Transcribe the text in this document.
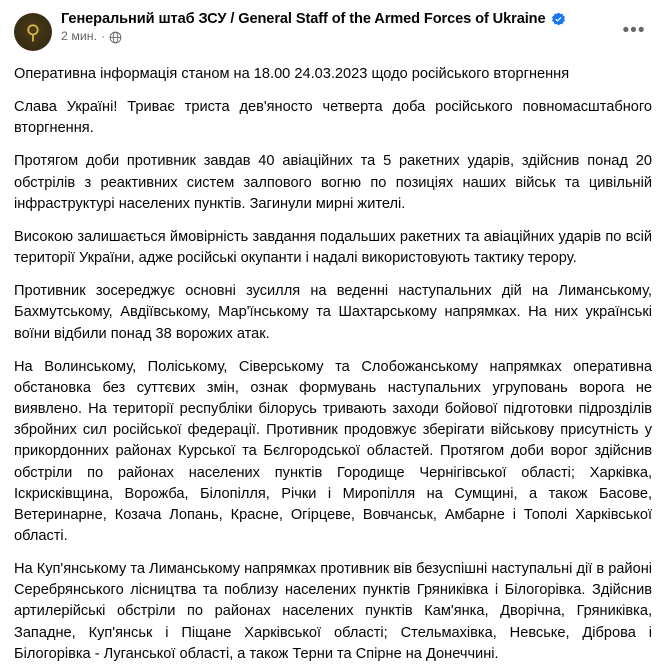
⚲
Генеральний штаб ЗСУ / General Staff of the Armed Forces of Ukraine
2 мин. ·	•••

Оперативна інформація станом на 18.00 24.03.2023 щодо російського вторгнення

Слава Україні! Триває триста дев'яносто четверта доба російського повномасштабного вторгнення.

Протягом доби противник завдав 40 авіаційних та 5 ракетних ударів, здійснив понад 20 обстрілів з реактивних систем залпового вогню по позиціях наших військ та цивільній інфраструктурі населених пунктів. Загинули мирні жителі.

Високою залишається ймовірність завдання подальших ракетних та авіаційних ударів по всій території України, адже російські окупанти і надалі використовують тактику терору.

Противник зосереджує основні зусилля на веденні наступальних дій на Лиманському, Бахмутському, Авдіївському, Мар'їнському та Шахтарському напрямках. На них українські воїни відбили понад 38 ворожих атак.

На Волинському, Поліському, Сіверському та Слобожанському напрямках оперативна обстановка без суттєвих змін, ознак формувань наступальних угруповань ворога не виявлено. На території республіки білорусь тривають заходи бойової підготовки підрозділів збройних сил російської федерації. Противник продовжує зберігати військову присутність у прикордонних районах Курської та Бєлгородської областей. Протягом доби ворог здійснив обстріли по районах населених пунктів Городище Чернігівської області; Харківка, Іскрисківщина, Ворожба, Білопілля, Річки і Миропілля на Сумщині, а також Басове, Ветеринарне, Козача Лопань, Красне, Огірцеве, Вовчанськ, Амбарне і Тополі Харківської області.

На Куп'янському та Лиманському напрямках противник вів безуспішні наступальні дії в районі Серебрянського лісництва та поблизу населених пунктів Гряниківка і Білогорівка. Здійснив артилерійські обстріли по районах населених пунктів Кам'янка, Дворічна, Гряниківка, Западне, Куп'янськ і Піщане Харківської області; Стельмахівка, Невське, Діброва і Білогорівка - Луганської області, а також Терни та Спірне на Донеччині.
